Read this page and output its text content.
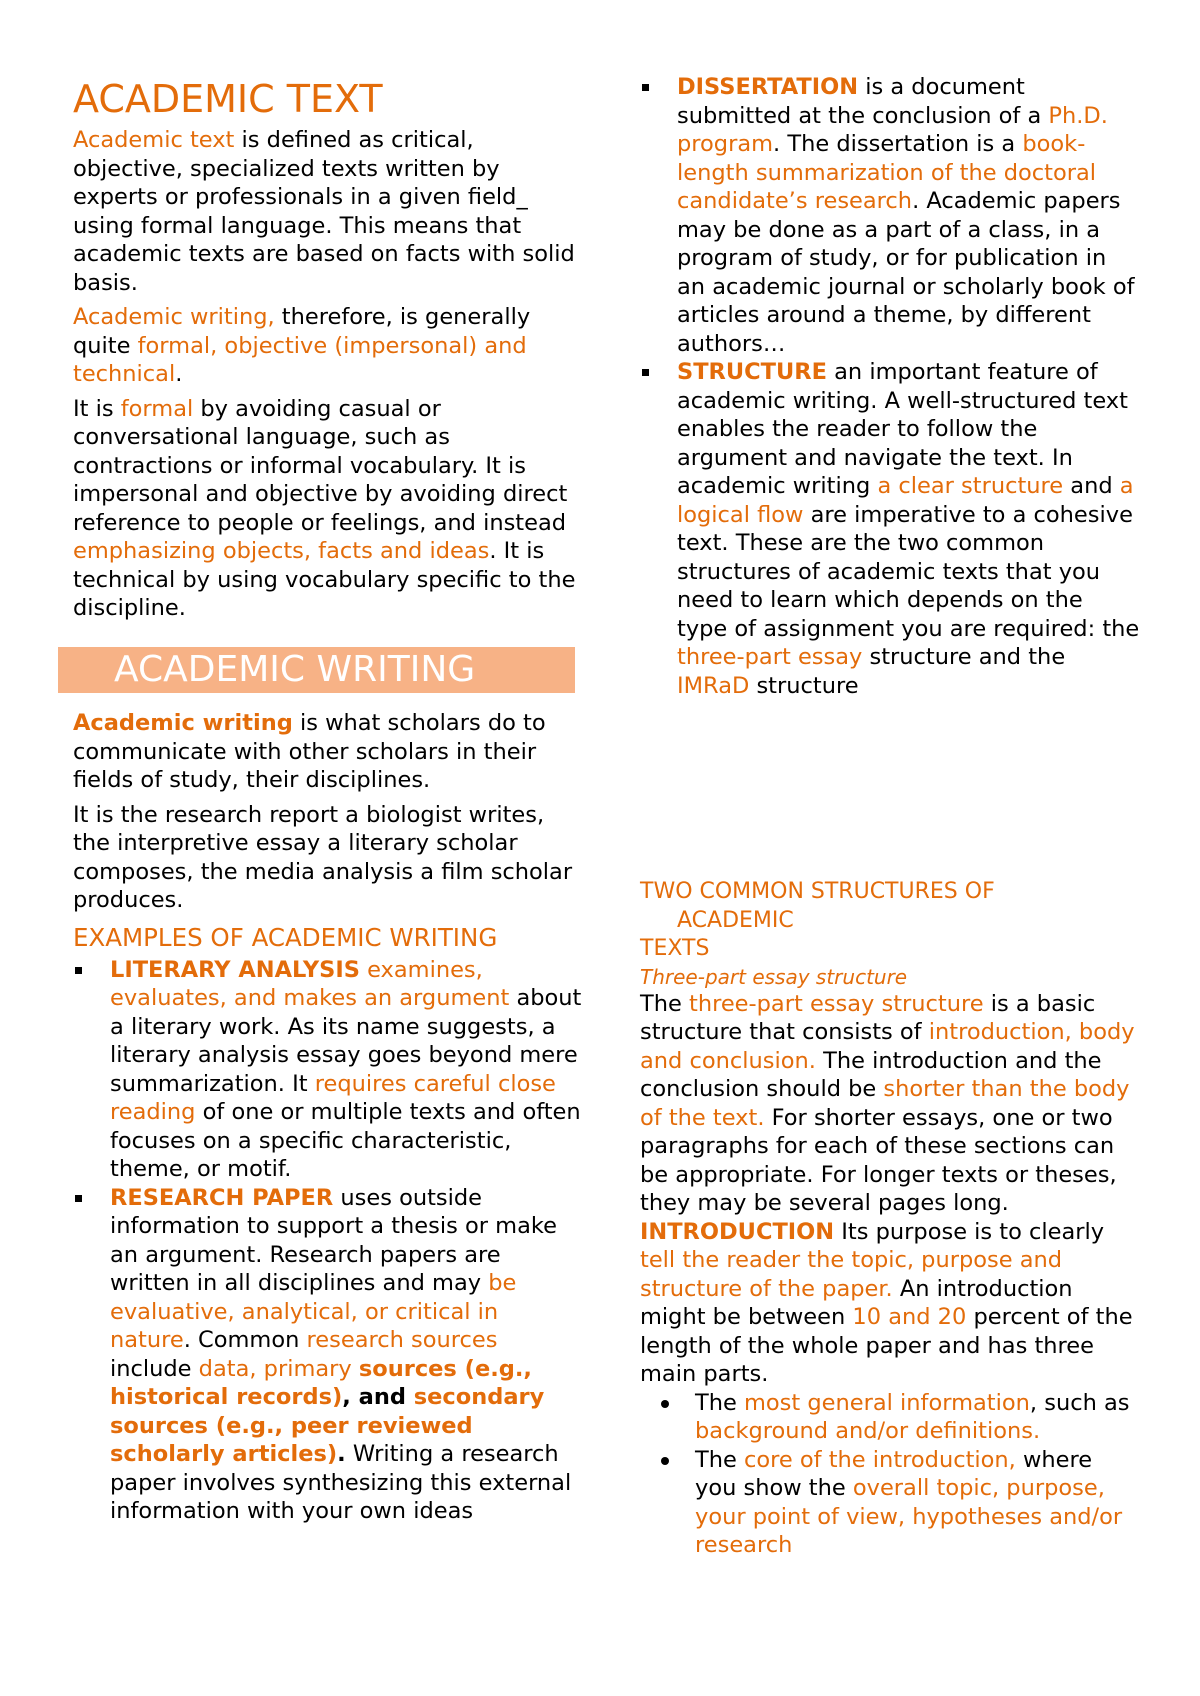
ACADEMIC TEXT

Academic text is defined as critical, objective, specialized texts written by experts or professionals in a given field_ using formal language. This means that academic texts are based on facts with solid basis.

Academic writing, therefore, is generally quite formal, objective (impersonal) and technical.

It is formal by avoiding casual or conversational language, such as contractions or informal vocabulary. It is impersonal and objective by avoiding direct reference to people or feelings, and instead emphasizing objects, facts and ideas. It is technical by using vocabulary specific to the discipline.

ACADEMIC WRITING

Academic writing is what scholars do to communicate with other scholars in their fields of study, their disciplines.

It is the research report a biologist writes, the interpretive essay a literary scholar composes, the media analysis a film scholar produces.

EXAMPLES OF ACADEMIC WRITING

LITERARY ANALYSIS examines, evaluates, and makes an argument about a literary work. As its name suggests, a literary analysis essay goes beyond mere summarization. It requires careful close reading of one or multiple texts and often focuses on a specific characteristic, theme, or motif.
RESEARCH PAPER uses outside information to support a thesis or make an argument. Research papers are written in all disciplines and may be evaluative, analytical, or critical in nature. Common research sources include data, primary sources (e.g., historical records), and secondary sources (e.g., peer reviewed scholarly articles). Writing a research paper involves synthesizing this external information with your own ideas
DISSERTATION is a document submitted at the conclusion of a Ph.D. program. The dissertation is a book-length summarization of the doctoral candidate’s research. Academic papers may be done as a part of a class, in a program of study, or for publication in an academic journal or scholarly book of articles around a theme, by different authors…
STRUCTURE an important feature of academic writing. A well-structured text enables the reader to follow the argument and navigate the text. In academic writing a clear structure and a logical flow are imperative to a cohesive text. These are the two common structures of academic texts that you need to learn which depends on the type of assignment you are required: the three-part essay structure and the IMRaD structure

TWO COMMON STRUCTURES OF
ACADEMIC
TEXTS

Three-part essay structure

The three-part essay structure is a basic structure that consists of introduction, body and conclusion. The introduction and the conclusion should be shorter than the body of the text. For shorter essays, one or two paragraphs for each of these sections can be appropriate. For longer texts or theses, they may be several pages long.

INTRODUCTION Its purpose is to clearly tell the reader the topic, purpose and structure of the paper. An introduction might be between 10 and 20 percent of the length of the whole paper and has three main parts.

The most general information, such as background and/or definitions.
The core of the introduction, where you show the overall topic, purpose, your point of view, hypotheses and/or research
